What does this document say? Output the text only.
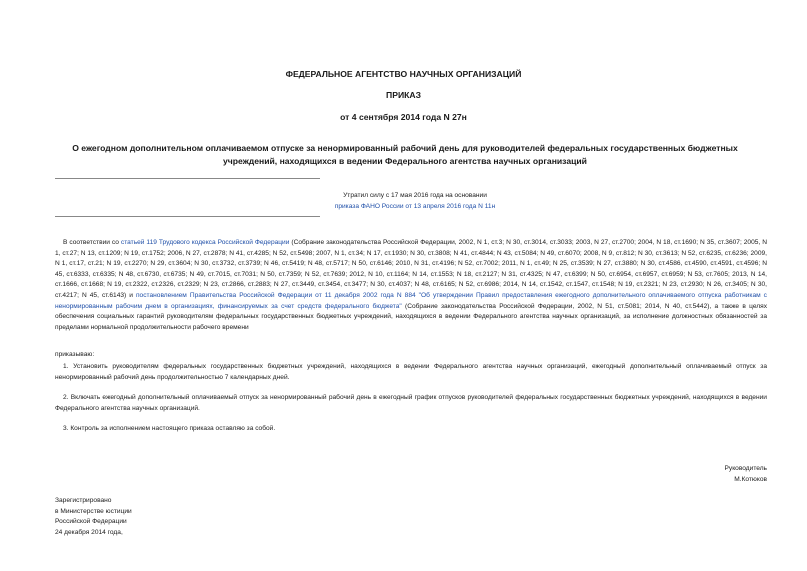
ФЕДЕРАЛЬНОЕ АГЕНТСТВО НАУЧНЫХ ОРГАНИЗАЦИЙ
ПРИКАЗ
от 4 сентября 2014 года N 27н
О ежегодном дополнительном оплачиваемом отпуске за ненормированный рабочий день для руководителей федеральных государственных бюджетных учреждений, находящихся в ведении Федерального агентства научных организаций
Утратил силу с 17 мая 2016 года на основании
приказа ФАНО России от 13 апреля 2016 года N 11н
В соответствии со статьей 119 Трудового кодекса Российской Федерации (Собрание законодательства Российской Федерации, 2002, N 1, ст.3; N 30, ст.3014, ст.3033; 2003, N 27, ст.2700; 2004, N 18, ст.1690; N 35, ст.3607; 2005, N 1, ст.27; N 13, ст.1209; N 19, ст.1752; 2006, N 27, ст.2878; N 41, ст.4285; N 52, ст.5498; 2007, N 1, ст.34; N 17, ст.1930; N 30, ст.3808; N 41, ст.4844; N 43, ст.5084; N 49, ст.6070; 2008, N 9, ст.812; N 30, ст.3613; N 52, ст.6235, ст.6236; 2009, N 1, ст.17, ст.21; N 19, ст.2270; N 29, ст.3604; N 30, ст.3732, ст.3739; N 46, ст.5419; N 48, ст.5717; N 50, ст.6146; 2010, N 31, ст.4196; N 52, ст.7002; 2011, N 1, ст.49; N 25, ст.3539; N 27, ст.3880; N 30, ст.4586, ст.4590, ст.4591, ст.4596; N 45, ст.6333, ст.6335; N 48, ст.6730, ст.6735; N 49, ст.7015, ст.7031; N 50, ст.7359; N 52, ст.7639; 2012, N 10, ст.1164; N 14, ст.1553; N 18, ст.2127; N 31, ст.4325; N 47, ст.6399; N 50, ст.6954, ст.6957, ст.6959; N 53, ст.7605; 2013, N 14, ст.1666, ст.1668; N 19, ст.2322, ст.2326, ст.2329; N 23, ст.2866, ст.2883; N 27, ст.3449, ст.3454, ст.3477; N 30, ст.4037; N 48, ст.6165; N 52, ст.6986; 2014, N 14, ст.1542, ст.1547, ст.1548; N 19, ст.2321; N 23, ст.2930; N 26, ст.3405; N 30, ст.4217; N 45, ст.6143) и постановлением Правительства Российской Федерации от 11 декабря 2002 года N 884 "Об утверждении Правил предоставления ежегодного дополнительного оплачиваемого отпуска работникам с ненормированным рабочим днем в организациях, финансируемых за счет средств федерального бюджета" (Собрание законодательства Российской Федерации, 2002, N 51, ст.5081; 2014, N 40, ст.5442), а также в целях обеспечения социальных гарантий руководителям федеральных государственных бюджетных учреждений, находящихся в ведении Федерального агентства научных организаций, за исполнение должностных обязанностей за пределами нормальной продолжительности рабочего времени
приказываю:
1. Установить руководителям федеральных государственных бюджетных учреждений, находящихся в ведении Федерального агентства научных организаций, ежегодный дополнительный оплачиваемый отпуск за ненормированный рабочий день продолжительностью 7 календарных дней.
2. Включать ежегодный дополнительный оплачиваемый отпуск за ненормированный рабочий день в ежегодный график отпусков руководителей федеральных государственных бюджетных учреждений, находящихся в ведении Федерального агентства научных организаций.
3. Контроль за исполнением настоящего приказа оставляю за собой.
Руководитель
М.Котюков
Зарегистрировано
в Министерстве юстиции
Российской Федерации
24 декабря 2014 года,
